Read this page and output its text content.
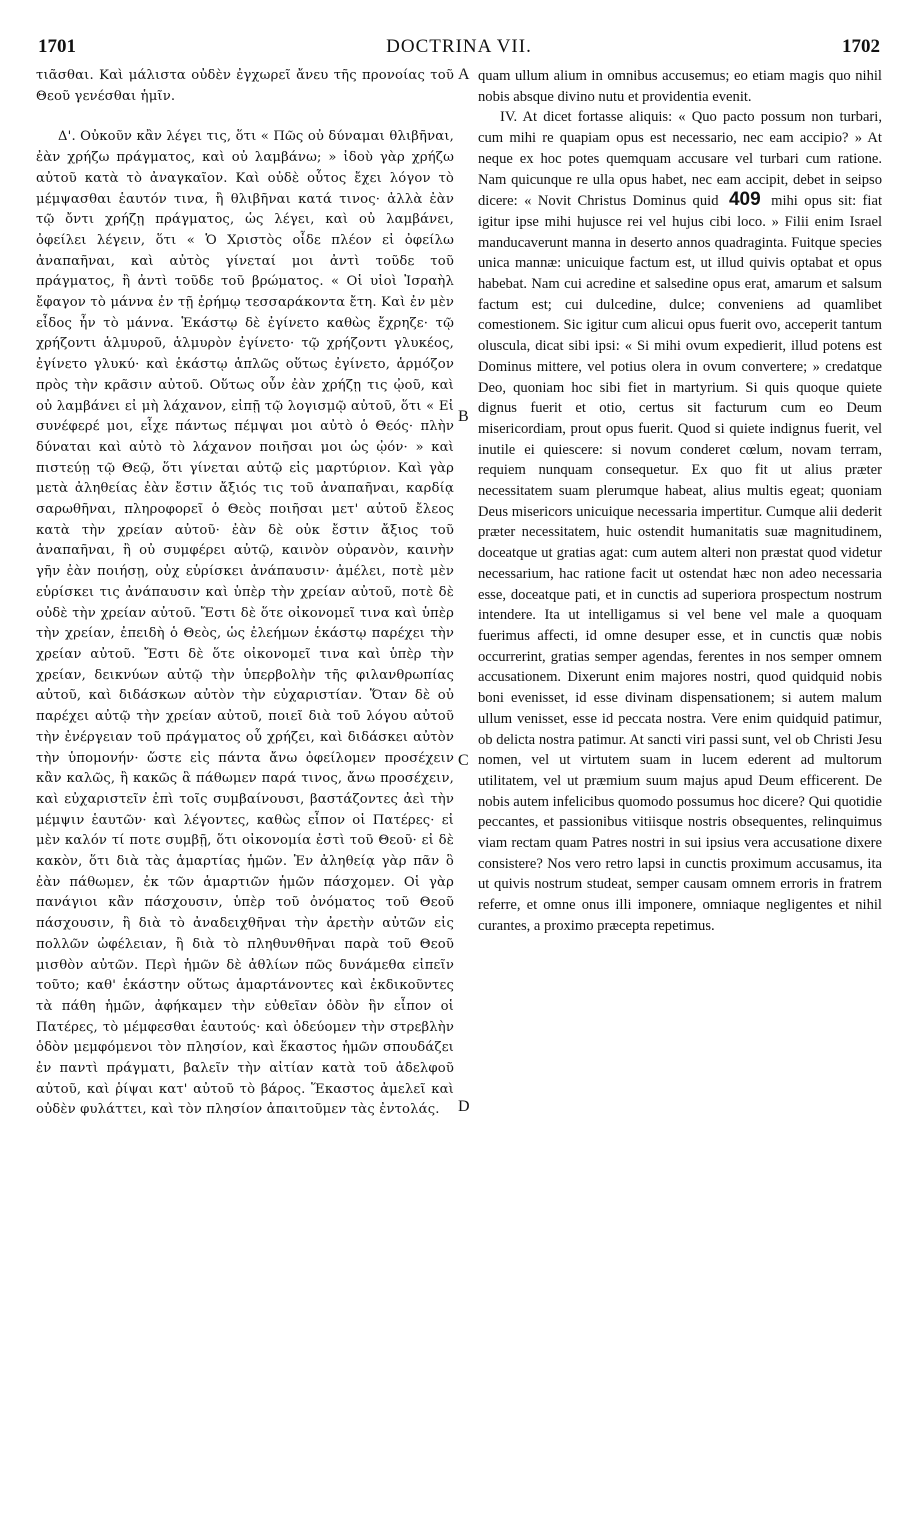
1701	DOCTRINA VII.	1702

τιᾶσθαι. Καὶ μάλιστα οὐδὲν ἐγχωρεῖ ἄνευ τῆς προνοίας τοῦ Θεοῦ γενέσθαι ἡμῖν.

Δ'. Οὐκοῦν κἂν λέγει τις, ὅτι « Πῶς οὐ δύναμαι θλιβῆναι, ἐὰν χρήζω πράγματος, καὶ οὐ λαμβάνω; » ἰδοὺ γὰρ χρήζω αὐτοῦ κατὰ τὸ ἀναγκαῖον. Καὶ οὐδὲ οὗτος ἔχει λόγον τὸ μέμψασθαι ἑαυτόν τινα, ἢ θλιβῆναι κατά τινος· ἀλλὰ ἐὰν τῷ ὄντι χρήζῃ πράγματος, ὡς λέγει, καὶ οὐ λαμβάνει, ὀφείλει λέγειν, ὅτι « Ὁ Χριστὸς οἶδε πλέον εἰ ὀφείλω ἀναπαῆναι, καὶ αὐτὸς γίνεταί μοι ἀντὶ τοῦδε τοῦ πράγματος, ἢ ἀντὶ τοῦδε τοῦ βρώματος. « Οἱ υἱοὶ Ἰσραὴλ ἔφαγον τὸ μάννα ἐν τῇ ἐρήμῳ τεσσαράκοντα ἔτη. Καὶ ἐν μὲν εἶδος ἦν τὸ μάννα. Ἑκάστῳ δὲ ἐγίνετο καθὼς ἔχρηζε· τῷ χρήζοντι ἁλμυροῦ, ἁλμυρὸν ἐγίνετο· τῷ χρήζοντι γλυκέος, ἐγίνετο γλυκύ· καὶ ἑκάστῳ ἁπλῶς οὕτως ἐγίνετο, ἁρμόζον πρὸς τὴν κρᾶσιν αὐτοῦ. Οὕτως οὖν ἐὰν χρήζῃ τις ᾠοῦ, καὶ οὐ λαμβάνει εἰ μὴ λάχανον, εἰπῇ τῷ λογισμῷ αὐτοῦ, ὅτι « Εἰ συνέφερέ μοι, εἶχε πάντως πέμψαι μοι αὐτὸ ὁ Θεός· πλὴν δύναται καὶ αὐτὸ τὸ λάχανον ποιῆσαι μοι ὡς ᾠόν· » καὶ πιστεύῃ τῷ Θεῷ, ὅτι γίνεται αὐτῷ εἰς μαρτύριον. Καὶ γὰρ μετὰ ἀληθείας ἐὰν ἔστιν ἄξιός τις τοῦ ἀναπαῆναι, καρδίᾳ σαρωθῆναι, πληροφορεῖ ὁ Θεὸς ποιῆσαι μετ' αὐτοῦ ἔλεος κατὰ τὴν χρείαν αὐτοῦ· ἐὰν δὲ οὐκ ἔστιν ἄξιος τοῦ ἀναπαῆναι, ἢ οὐ συμφέρει αὐτῷ, καινὸν οὐρανὸν, καινὴν γῆν ἐὰν ποιήσῃ, οὐχ εὑρίσκει ἀνάπαυσιν· ἀμέλει, ποτὲ μὲν εὑρίσκει τις ἀνάπαυσιν καὶ ὑπὲρ τὴν χρείαν αὐτοῦ, ποτὲ δὲ οὐδὲ τὴν χρείαν αὐτοῦ. Ἔστι δὲ ὅτε οἰκονομεῖ τινα καὶ ὑπὲρ τὴν χρείαν, ἐπειδὴ ὁ Θεὸς, ὡς ἐλεήμων ἑκάστῳ παρέχει τὴν χρείαν αὐτοῦ. Ἔστι δὲ ὅτε οἰκονομεῖ τινα καὶ ὑπὲρ τὴν χρείαν, δεικνύων αὐτῷ τὴν ὑπερβολὴν τῆς φιλανθρωπίας αὐτοῦ, καὶ διδάσκων αὐτὸν τὴν εὐχαριστίαν. Ὅταν δὲ οὐ παρέχει αὐτῷ τὴν χρείαν αὐτοῦ, ποιεῖ διὰ τοῦ λόγου αὐτοῦ τὴν ἐνέργειαν τοῦ πράγματος οὗ χρήζει, καὶ διδάσκει αὐτὸν τὴν ὑπομονήν· ὥστε εἰς πάντα ἄνω ὀφείλομεν προσέχειν κἂν καλῶς, ἢ κακῶς ἃ πάθωμεν παρά τινος, ἄνω προσέχειν, καὶ εὐχαριστεῖν ἐπὶ τοῖς συμβαίνουσι, βαστάζοντες ἀεὶ τὴν μέμψιν ἑαυτῶν· καὶ λέγοντες, καθὼς εἶπον οἱ Πατέρες· εἰ μὲν καλόν τί ποτε συμβῇ, ὅτι οἰκονομία ἐστὶ τοῦ Θεοῦ· εἰ δὲ κακὸν, ὅτι διὰ τὰς ἁμαρτίας ἡμῶν. Ἐν ἀληθείᾳ γὰρ πᾶν ὃ ἐὰν πάθωμεν, ἐκ τῶν ἁμαρτιῶν ἡμῶν πάσχομεν. Οἱ γὰρ πανάγιοι κἂν πάσχουσιν, ὑπὲρ τοῦ ὀνόματος τοῦ Θεοῦ πάσχουσιν, ἢ διὰ τὸ ἀναδειχθῆναι τὴν ἀρετὴν αὐτῶν εἰς πολλῶν ὠφέλειαν, ἢ διὰ τὸ πληθυνθῆναι παρὰ τοῦ Θεοῦ μισθὸν αὐτῶν. Περὶ ἡμῶν δὲ ἀθλίων πῶς δυνάμεθα εἰπεῖν τοῦτο; καθ' ἑκάστην οὕτως ἁμαρτάνοντες καὶ ἐκδικοῦντες τὰ πάθη ἡμῶν, ἀφήκαμεν τὴν εὐθεῖαν ὁδὸν ἣν εἶπον οἱ Πατέρες, τὸ μέμφεσθαι ἑαυτούς· καὶ ὁδεύομεν τὴν στρεβλὴν ὁδὸν μεμφόμενοι τὸν πλησίον, καὶ ἕκαστος ἡμῶν σπουδάζει ἐν παντὶ πράγματι, βαλεῖν τὴν αἰτίαν κατὰ τοῦ ἀδελφοῦ αὐτοῦ, καὶ ῥίψαι κατ' αὐτοῦ τὸ βάρος. Ἕκαστος ἀμελεῖ καὶ οὐδὲν φυλάττει, καὶ τὸν πλησίον ἀπαιτοῦμεν τὰς ἐντολάς.

A
B
C
D

quam ullum alium in omnibus accusemus; eo etiam magis quo nihil nobis absque divino nutu et providentia evenit.

IV. At dicet fortasse aliquis: « Quo pacto possum non turbari, cum mihi re quapiam opus est necessario, nec eam accipio? » At neque ex hoc potes quemquam accusare vel turbari cum ratione. Nam quicunque re ulla opus habet, nec eam accipit, debet in seipso dicere: « Novit Christus Dominus quid 409 mihi opus sit: fiat igitur ipse mihi hujusce rei vel hujus cibi loco. » Filii enim Israel manducaverunt manna in deserto annos quadraginta. Fuitque species unica mannæ: unicuique factum est, ut illud quivis optabat et opus habebat. Nam cui acredine et salsedine opus erat, amarum et salsum factum est; cui dulcedine, dulce; conveniens ad quamlibet comestionem. Sic igitur cum alicui opus fuerit ovo, acceperit tantum oluscula, dicat sibi ipsi: « Si mihi ovum expedierit, illud potens est Dominus mittere, vel potius olera in ovum convertere; » credatque Deo, quoniam hoc sibi fiet in martyrium. Si quis quoque quiete dignus fuerit et otio, certus sit facturum cum eo Deum misericordiam, prout opus fuerit. Quod si quiete indignus fuerit, vel inutile ei quiescere: si novum conderet cœlum, novam terram, requiem nunquam consequetur. Ex quo fit ut alius præter necessitatem suam plerumque habeat, alius multis egeat; quoniam Deus misericors unicuique necessaria impertitur. Cumque alii dederit præter necessitatem, huic ostendit humanitatis suæ magnitudinem, doceatque ut gratias agat: cum autem alteri non præstat quod videtur necessarium, hac ratione facit ut ostendat hæc non adeo necessaria esse, doceatque pati, et in cunctis ad superiora prospectum nostrum intendere. Ita ut intelligamus si vel bene vel male a quoquam fuerimus affecti, id omne desuper esse, et in cunctis quæ nobis occurrerint, gratias semper agendas, ferentes in nos semper omnem accusationem. Dixerunt enim majores nostri, quod quidquid nobis boni evenisset, id esse divinam dispensationem; si autem malum ullum venisset, esse id peccata nostra. Vere enim quidquid patimur, ob delicta nostra patimur. At sancti viri passi sunt, vel ob Christi Jesu nomen, vel ut virtutem suam in lucem ederent ad multorum utilitatem, vel ut præmium suum majus apud Deum efficerent. De nobis autem infelicibus quomodo possumus hoc dicere? Qui quotidie peccantes, et passionibus vitiisque nostris obsequentes, relinquimus viam rectam quam Patres nostri in sui ipsius vera accusatione dixere consistere? Nos vero retro lapsi in cunctis proximum accusamus, ita ut quivis nostrum studeat, semper causam omnem erroris in fratrem referre, et omne onus illi imponere, omniaque negligentes et nihil curantes, a proximo præcepta repetimus.
